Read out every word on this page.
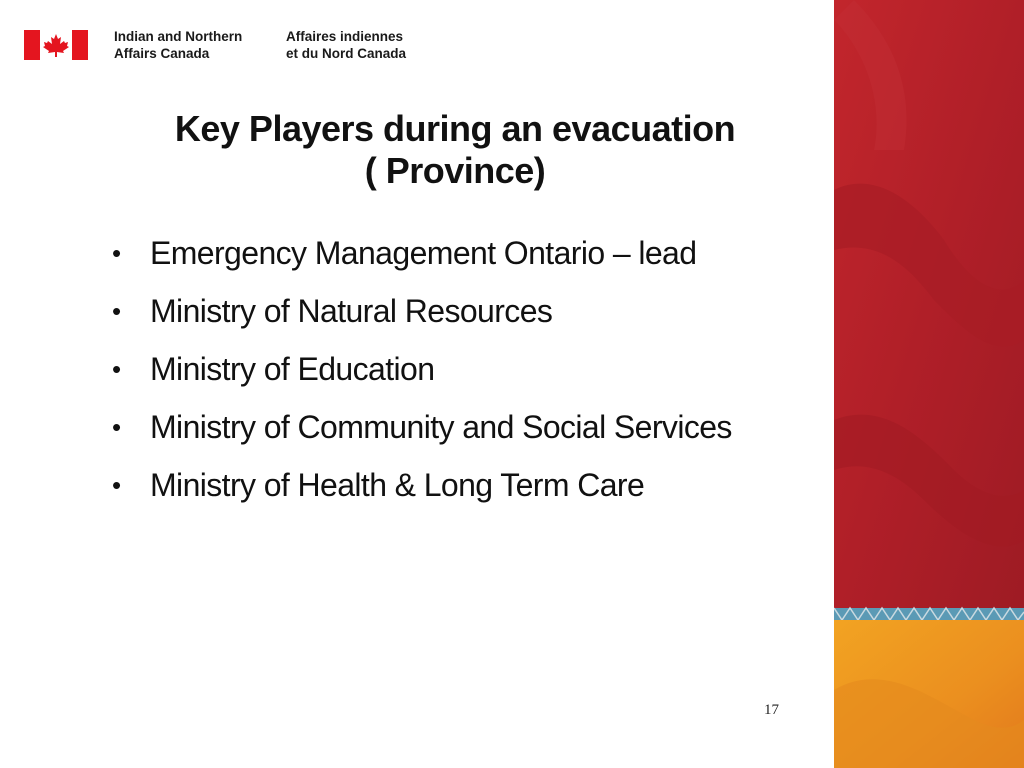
Indian and Northern
Affairs Canada
Affaires indiennes
et du Nord Canada
Key Players during an evacuation
( Province)
• Emergency Management Ontario – lead
• Ministry of Natural Resources
• Ministry of Education
• Ministry of Community and Social Services
• Ministry of Health & Long Term Care
17
